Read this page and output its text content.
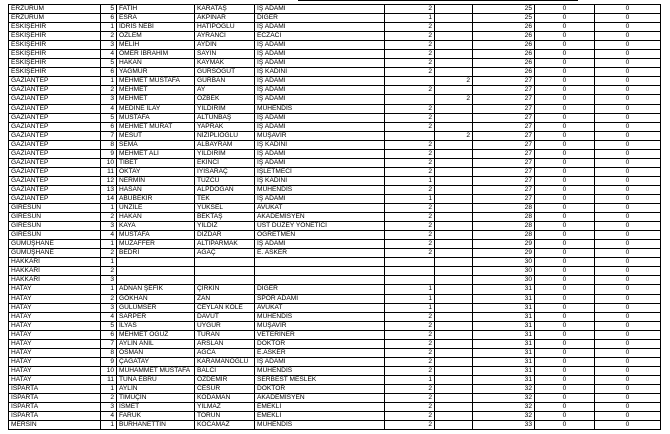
ERZURUM	5	FATİH	KARATAŞ	İŞ ADAMI	2		25	0	0
ERZURUM	6	ESRA	AKPINAR	DİĞER	1		25	0	0
ESKİŞEHİR	1	İDRİS NEBİ	HATİPOĞLU	İŞ ADAMI	2		26	0	0
ESKİŞEHİR	2	ÖZLEM	AYRANCI	ECZACI	2		26	0	0
ESKİŞEHİR	3	MELİH	AYDIN	İŞ ADAMI	2		26	0	0
ESKİŞEHİR	4	ÖMER İBRAHİM	SAYIN	İŞ ADAMI	2		26	0	0
ESKİŞEHİR	5	HAKAN	KAYMAK	İŞ ADAMI	2		26	0	0
ESKİŞEHİR	6	YAĞMUR	GÜRSOĞUT	İŞ KADINI	2		26	0	0
GAZİANTEP	1	MEHMET MUSTAFA	GÜRBAN	İŞ ADAMI		2	27	0	0
GAZİANTEP	2	MEHMET	AY	İŞ ADAMI	2		27	0	0
GAZİANTEP	3	MEHMET	ÖZBEK	İŞ ADAMI		2	27	0	0
GAZİANTEP	4	MEDİNE İLAY	YILDIRIM	MÜHENDİS	2		27	0	0
GAZİANTEP	5	MUSTAFA	ALTUNBAŞ	İŞ ADAMI	2		27	0	0
GAZİANTEP	6	MEHMET MURAT	YAPRAK	İŞ ADAMI	2		27	0	0
GAZİANTEP	7	MESUT	NİZİPLİOĞLU	MÜŞAVİR		2	27	0	0
GAZİANTEP	8	SEMA	ALBAYRAM	İŞ KADINI	2		27	0	0
GAZİANTEP	9	MEHMET ALİ	YILDIRIM	İŞ ADAMI	2		27	0	0
GAZİANTEP	10	TİBET	EKİNCİ	İŞ ADAMI	2		27	0	0
GAZİANTEP	11	OKTAY	IYISARAÇ	İŞLETMECİ	2		27	0	0
GAZİANTEP	12	NERMİN	TÜZCÜ	İŞ KADINI	1		27	0	0
GAZİANTEP	13	HASAN	ALPDOĞAN	MÜHENDİS	2		27	0	0
GAZİANTEP	14	ABUBEKİR	TEK	İŞ ADAMI	1		27	0	0
GİRESUN	1	ÜNZİLE	YÜKSEL	AVUKAT	2		28	0	0
GİRESUN	2	HAKAN	BEKTAŞ	AKADEMİSYEN	2		28	0	0
GİRESUN	3	KAYA	YILDIZ	ÜST DÜZEY YÖNETİCİ	2		28	0	0
GİRESUN	4	MUSTAFA	DİZDAR	ÖĞRETMEN	2		28	0	0
GÜMÜŞHANE	1	MUZAFFER	ALTIPARMAK	İŞ ADAMI	2		29	0	0
GÜMÜŞHANE	2	BEDRİ	AĞAÇ	E. ASKER	2		29	0	0
HAKKARİ	1						30	0	0
HAKKARİ	2						30	0	0
HAKKARİ	3						30	0	0
HATAY	1	ADNAN ŞEFİK	ÇİRKİN	DİĞER	1		31	0	0
HATAY	2	GÖKHAN	ZAN	SPOR ADAMI	1		31	0	0
HATAY	3	GÜLÜMSER	CEYLAN KÖLE	AVUKAT	1		31	0	0
HATAY	4	SARPER	DAVUT	MÜHENDİS	2		31	0	0
HATAY	5	İLYAS	UYGUR	MÜŞAVİR	2		31	0	0
HATAY	6	MEHMET OĞUZ	TURAN	VETERİNER	2		31	0	0
HATAY	7	AYLİN ANIL	ARSLAN	DOKTOR	2		31	0	0
HATAY	8	OSMAN	AĞCA	E.ASKER	2		31	0	0
HATAY	9	ÇAĞATAY	KARAMANOĞLU	İŞ ADAMI	2		31	0	0
HATAY	10	MUHAMMET MUSTAFA	BALCI	MÜHENDİS	2		31	0	0
HATAY	11	TUNA EBRU	ÖZDEMİR	SERBEST MESLEK	1		31	0	0
ISPARTA	1	AYLİN	CESUR	DOKTOR	2		32	0	0
ISPARTA	2	TİMUÇİN	KODAMAN	AKADEMİSYEN	2		32	0	0
ISPARTA	3	İSMET	YILMAZ	EMEKLİ	2		32	0	0
ISPARTA	4	FARUK	TORUN	EMEKLİ	2		32	0	0
MERSİN	1	BURHANETTİN	KOCAMAZ	MÜHENDİS	2		33	0	0
